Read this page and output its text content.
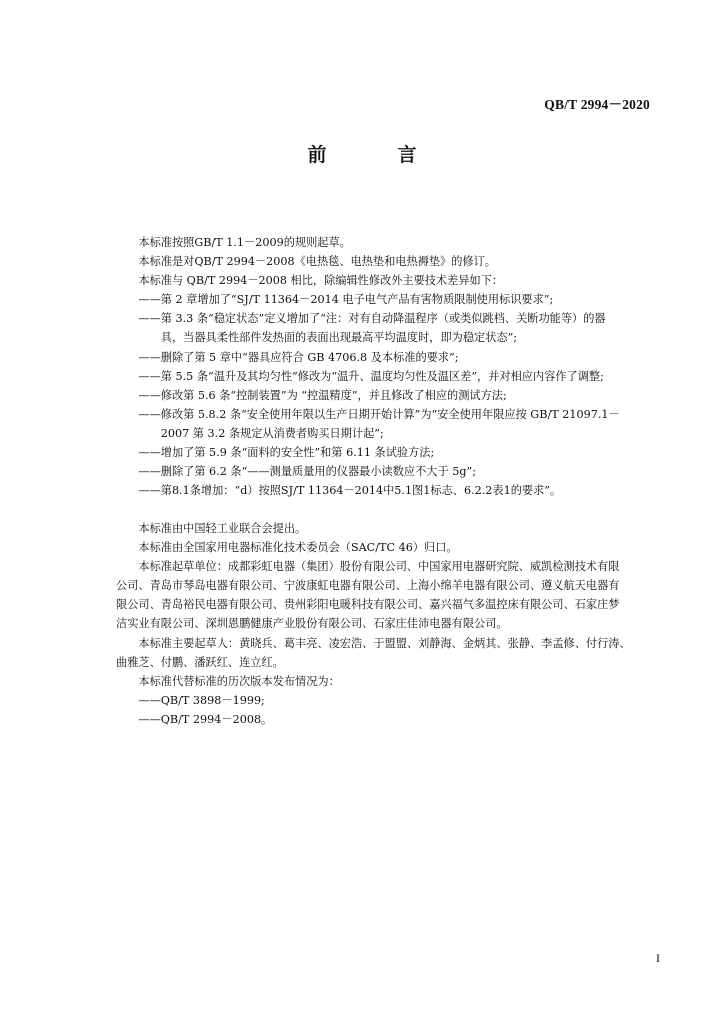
QB/T 2994－2020
前　言
　　本标准按照GB/T 1.1－2009的规则起草。
　　本标准是对QB/T 2994－2008《电热毯、电热垫和电热褥垫》的修订。
　　本标准与 QB/T 2994－2008 相比，除编辑性修改外主要技术差异如下：
　　——第 2 章增加了“SJ/T 11364－2014 电子电气产品有害物质限制使用标识要求”;
　　——第 3.3 条“稳定状态”定义增加了“注：对有自动降温程序（或类似跳档、关断功能等）的器
　　　　具，当器具柔性部件发热面的表面出现最高平均温度时，即为稳定状态”;
　　——删除了第 5 章中“器具应符合 GB 4706.8 及本标准的要求”;
　　——第 5.5 条“温升及其均匀性”修改为“温升、温度均匀性及温区差”，并对相应内容作了调整;
　　——修改第 5.6 条“控制装置”为 “控温精度”，并且修改了相应的测试方法;
　　——修改第 5.8.2 条“安全使用年限以生产日期开始计算”为“安全使用年限应按 GB/T 21097.1－
　　　　2007 第 3.2 条规定从消费者购买日期计起”;
　　——增加了第 5.9 条“面料的安全性”和第 6.11 条试验方法;
　　——删除了第 6.2 条“——测量质量用的仪器最小读数应不大于 5g”;
　　——第8.1条增加：“d）按照SJ/T 11364－2014中5.1图1标志、6.2.2表1的要求”。
　　本标准由中国轻工业联合会提出。
　　本标准由全国家用电器标准化技术委员会（SAC/TC 46）归口。
　　本标准起草单位：成都彩虹电器（集团）股份有限公司、中国家用电器研究院、威凯检测技术有限
公司、青岛市琴岛电器有限公司、宁波康虹电器有限公司、上海小绵羊电器有限公司、遵义航天电器有
限公司、青岛裕民电器有限公司、贵州彩阳电暖科技有限公司、嘉兴福气多温控床有限公司、石家庄梦
洁实业有限公司、深圳恩鹏健康产业股份有限公司、石家庄佳沛电器有限公司。
　　本标准主要起草人：黄晓兵、葛丰亮、凌宏浩、于盟盟、刘静海、金炳其、张静、李孟修、付行涛、
曲雅芝、付鹏、潘跃红、连立红。
　　本标准代替标准的历次版本发布情况为：
　　——QB/T 3898－1999;
　　——QB/T 2994－2008。
I
